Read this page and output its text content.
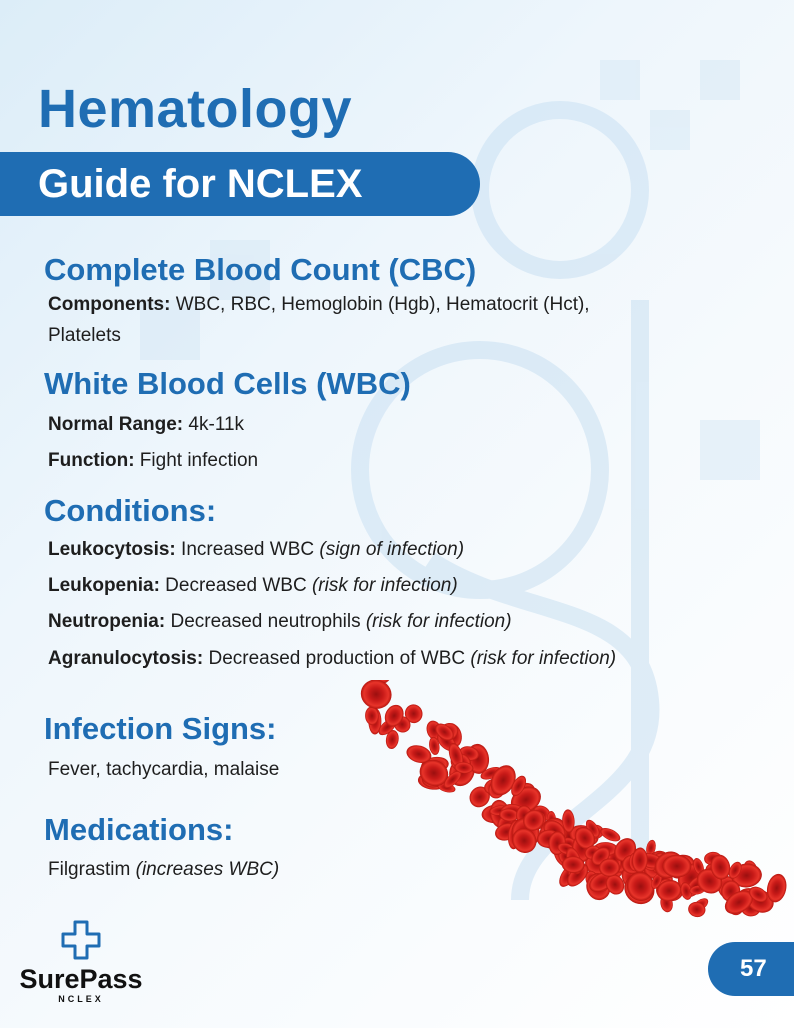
Hematology
Guide for NCLEX
Complete Blood Count (CBC)

Components: WBC, RBC, Hemoglobin (Hgb), Hematocrit (Hct),

Platelets

White Blood Cells (WBC)

Normal Range: 4k-11k

Function: Fight infection

Conditions:

Leukocytosis: Increased WBC (sign of infection)

Leukopenia: Decreased WBC (risk for infection)

Neutropenia: Decreased neutrophils (risk for infection)

Agranulocytosis: Decreased production of WBC (risk for infection)

Infection Signs:

Fever, tachycardia, malaise

Medications:

Filgrastim (increases WBC)

SurePass
NCLEX
57
